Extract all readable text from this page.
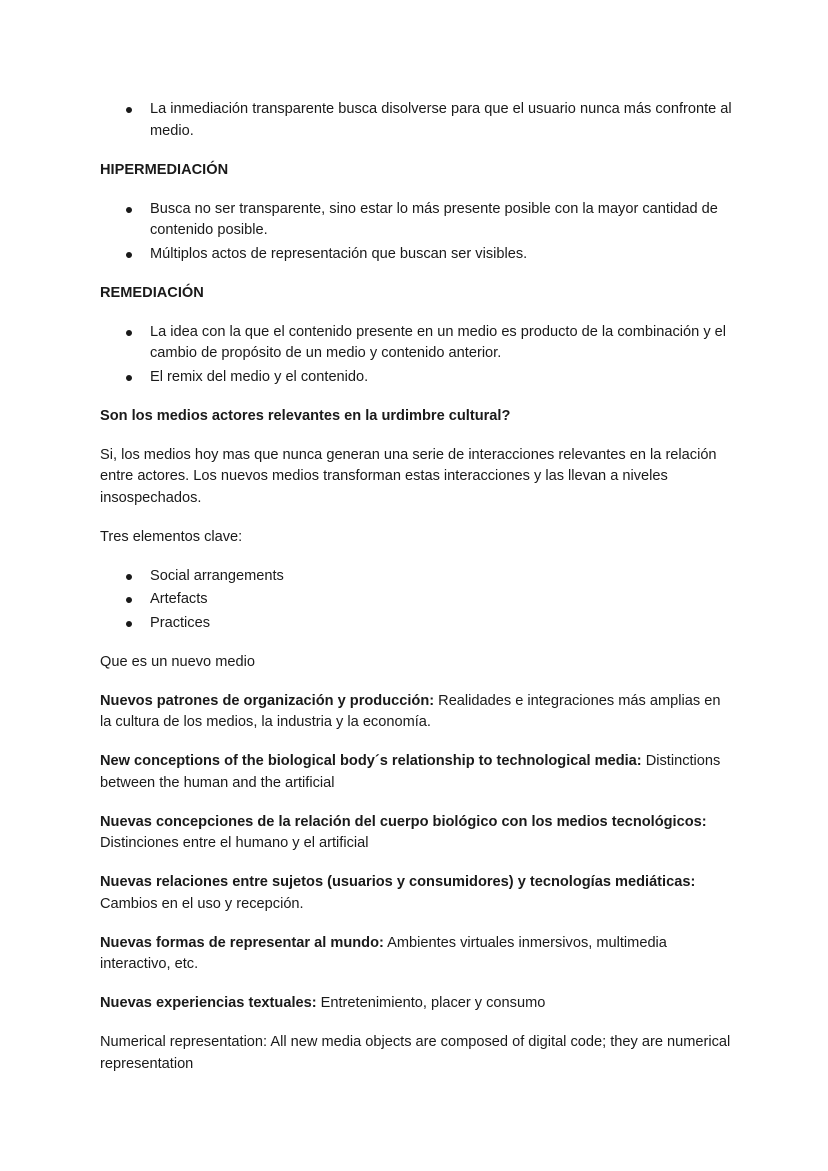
La inmediación transparente busca disolverse para que el usuario nunca más confronte al medio.

HIPERMEDIACIÓN

Busca no ser transparente, sino estar lo más presente posible con la mayor cantidad de contenido posible.
Múltiplos actos de representación que buscan ser visibles.

REMEDIACIÓN

La idea con la que el contenido presente en un medio es producto de la combinación y el cambio de propósito de un medio y contenido anterior.
El remix del medio y el contenido.

Son los medios actores relevantes en la urdimbre cultural?

Si, los medios hoy mas que nunca generan una serie de interacciones relevantes en la relación entre actores. Los nuevos medios transforman estas interacciones y las llevan a niveles insospechados.

Tres elementos clave:

Social arrangements
Artefacts
Practices

Que es un nuevo medio

Nuevos patrones de organización y producción: Realidades e integraciones más amplias en la cultura de los medios, la industria y la economía.

New conceptions of the biological body´s relationship to technological media: Distinctions between the human and the artificial

Nuevas concepciones de la relación del cuerpo biológico con los medios tecnológicos: Distinciones entre el humano y el artificial

Nuevas relaciones entre sujetos (usuarios y consumidores) y tecnologías mediáticas: Cambios en el uso y recepción.

Nuevas formas de representar al mundo: Ambientes virtuales inmersivos, multimedia interactivo, etc.

Nuevas experiencias textuales: Entretenimiento, placer y consumo

Numerical representation: All new media objects are composed of digital code; they are numerical representation
